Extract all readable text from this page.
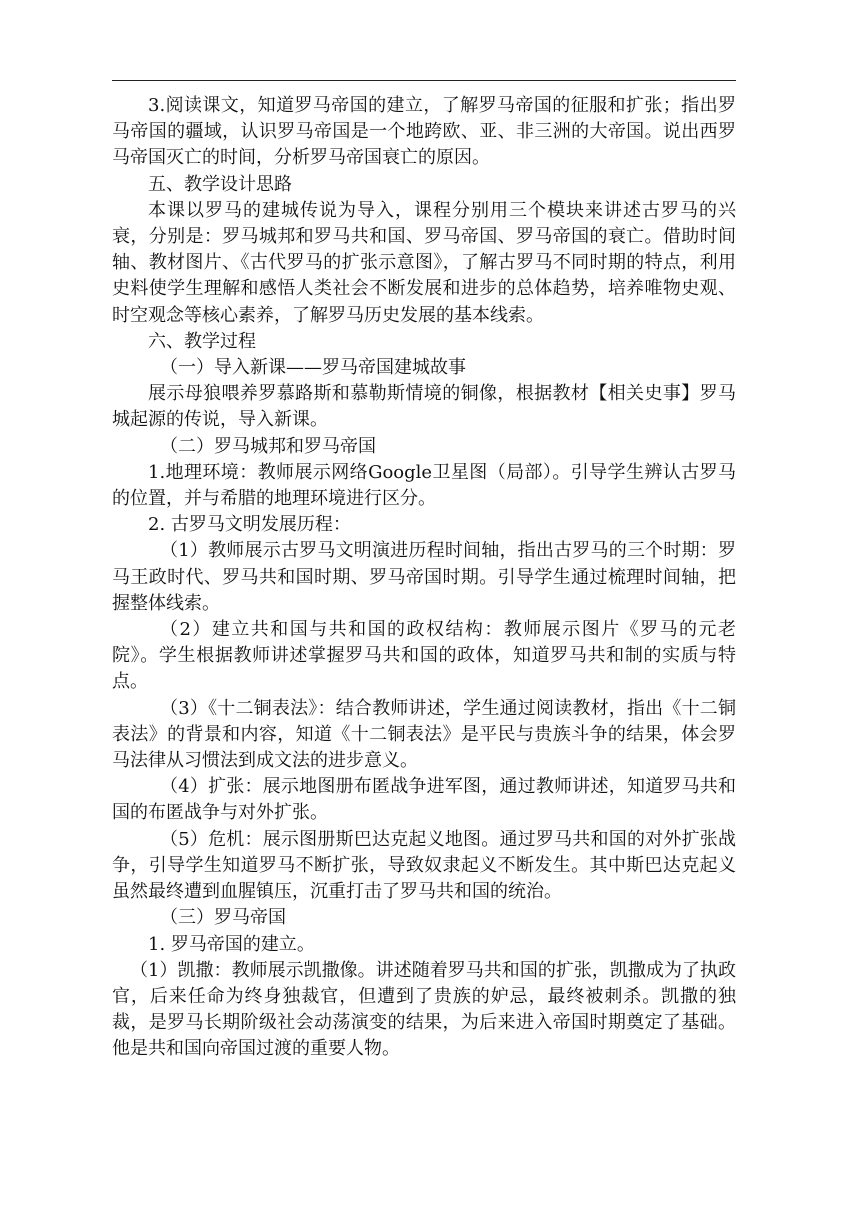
3.阅读课文，知道罗马帝国的建立，了解罗马帝国的征服和扩张；指出罗马帝国的疆域，认识罗马帝国是一个地跨欧、亚、非三洲的大帝国。说出西罗马帝国灭亡的时间，分析罗马帝国衰亡的原因。

五、教学设计思路

本课以罗马的建城传说为导入，课程分别用三个模块来讲述古罗马的兴衰，分别是：罗马城邦和罗马共和国、罗马帝国、罗马帝国的衰亡。借助时间轴、教材图片、《古代罗马的扩张示意图》，了解古罗马不同时期的特点，利用史料使学生理解和感悟人类社会不断发展和进步的总体趋势，培养唯物史观、时空观念等核心素养，了解罗马历史发展的基本线索。

六、教学过程

（一）导入新课——罗马帝国建城故事

展示母狼喂养罗慕路斯和慕勒斯情境的铜像，根据教材【相关史事】罗马城起源的传说，导入新课。

（二）罗马城邦和罗马帝国

1.地理环境：教师展示网络Google卫星图（局部）。引导学生辨认古罗马的位置，并与希腊的地理环境进行区分。

2. 古罗马文明发展历程：

（1）教师展示古罗马文明演进历程时间轴，指出古罗马的三个时期：罗马王政时代、罗马共和国时期、罗马帝国时期。引导学生通过梳理时间轴，把握整体线索。

（2）建立共和国与共和国的政权结构：教师展示图片《罗马的元老院》。学生根据教师讲述掌握罗马共和国的政体，知道罗马共和制的实质与特点。

（3）《十二铜表法》：结合教师讲述，学生通过阅读教材，指出《十二铜表法》的背景和内容，知道《十二铜表法》是平民与贵族斗争的结果，体会罗马法律从习惯法到成文法的进步意义。

（4）扩张：展示地图册布匿战争进军图，通过教师讲述，知道罗马共和国的布匿战争与对外扩张。

（5）危机：展示图册斯巴达克起义地图。通过罗马共和国的对外扩张战争，引导学生知道罗马不断扩张，导致奴隶起义不断发生。其中斯巴达克起义虽然最终遭到血腥镇压，沉重打击了罗马共和国的统治。

（三）罗马帝国

1. 罗马帝国的建立。

（1）凯撒：教师展示凯撒像。讲述随着罗马共和国的扩张，凯撒成为了执政官，后来任命为终身独裁官，但遭到了贵族的妒忌，最终被刺杀。凯撒的独裁，是罗马长期阶级社会动荡演变的结果，为后来进入帝国时期奠定了基础。他是共和国向帝国过渡的重要人物。
